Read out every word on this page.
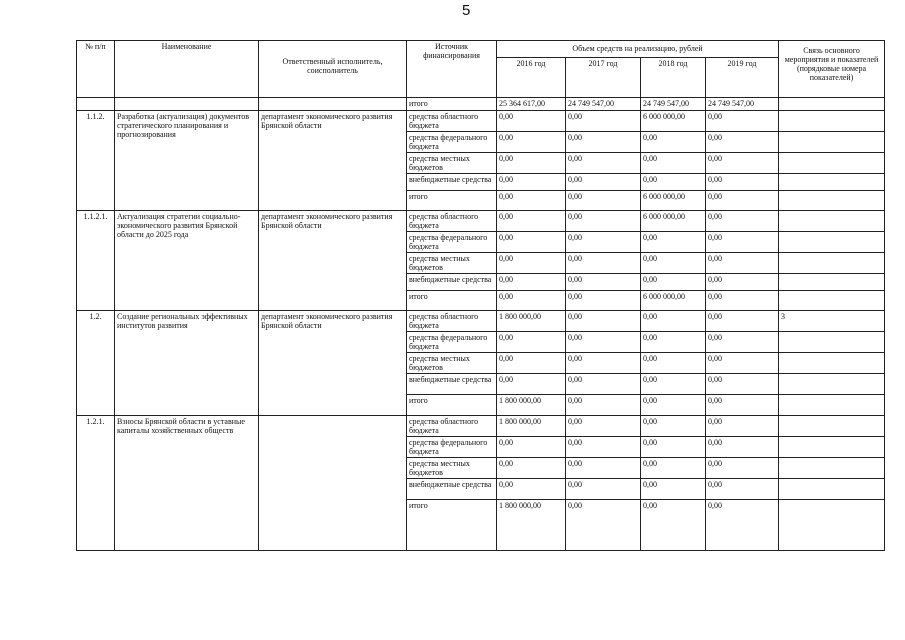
5
№ п/п	Наименование	Ответственный исполнитель, соисполнитель	Источник финансирования	Объем средств на реализацию, рублей				Связь основного мероприятия и показателей (порядковые номера показателей)
				2016 год	2017 год	2018 год	2019 год	
			итого	25 364 617,00	24 749 547,00	24 749 547,00	24 749 547,00	
1.1.2.	Разработка (актуализация) документов стратегического планирования и прогнозирования	департамент экономического развития Брянской области	средства областного бюджета	0,00	0,00	6 000 000,00	0,00	
			средства федерального бюджета	0,00	0,00	0,00	0,00	
			средства местных бюджетов	0,00	0,00	0,00	0,00	
			внебюджетные средства	0,00	0,00	0,00	0,00	
			итого	0,00	0,00	6 000 000,00	0,00	
1.1.2.1.	Актуализация стратегии социально-экономического развития Брянской области до 2025 года	департамент экономического развития Брянской области	средства областного бюджета	0,00	0,00	6 000 000,00	0,00	
			средства федерального бюджета	0,00	0,00	0,00	0,00	
			средства местных бюджетов	0,00	0,00	0,00	0,00	
			внебюджетные средства	0,00	0,00	0,00	0,00	
			итого	0,00	0,00	6 000 000,00	0,00	
1.2.	Создание региональных эффективных институтов развития	департамент экономического развития Брянской области	средства областного бюджета	1 800 000,00	0,00	0,00	0,00	3
			средства федерального бюджета	0,00	0,00	0,00	0,00	
			средства местных бюджетов	0,00	0,00	0,00	0,00	
			внебюджетные средства	0,00	0,00	0,00	0,00	
			итого	1 800 000,00	0,00	0,00	0,00	
1.2.1.	Взносы Брянской области в уставные капиталы хозяйственных обществ		средства областного бюджета	1 800 000,00	0,00	0,00	0,00	
			средства федерального бюджета	0,00	0,00	0,00	0,00	
			средства местных бюджетов	0,00	0,00	0,00	0,00	
			внебюджетные средства	0,00	0,00	0,00	0,00	
			итого	1 800 000,00	0,00	0,00	0,00	
